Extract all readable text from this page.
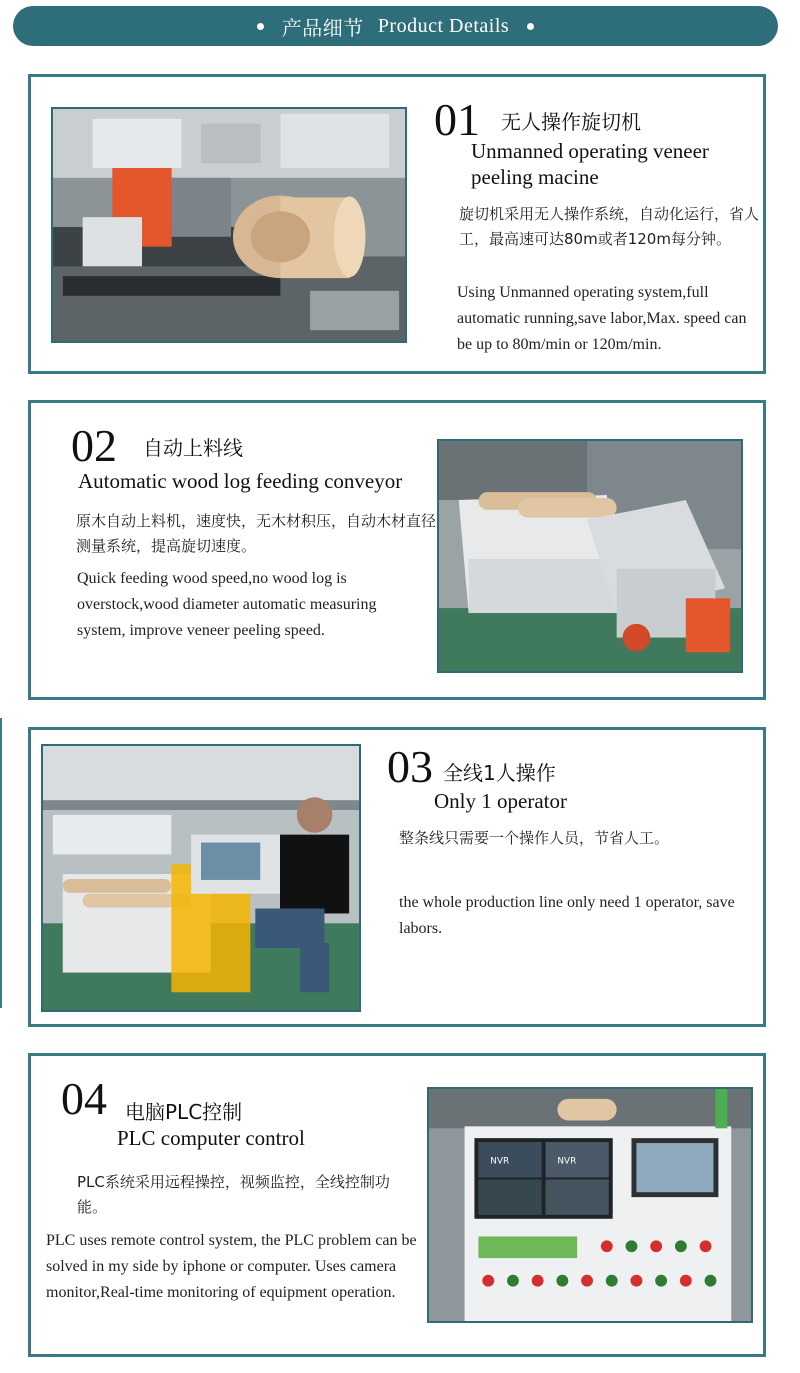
产品细节 Product Details
01 无人操作旋切机
Unmanned operating veneer peeling macine
旋切机采用无人操作系统，自动化运行，省人工，最高速可达80m或者120m每分钟。
Using Unmanned operating system,full automatic running,save labor,Max. speed can be up to 80m/min or 120m/min.
02 自动上料线
Automatic wood log feeding conveyor
原木自动上料机，速度快，无木材积压，自动木材直径测量系统，提高旋切速度。
Quick feeding wood speed,no wood log is overstock,wood diameter automatic measuring system, improve veneer peeling speed.
03 全线1人操作
Only 1 operator
整条线只需要一个操作人员，节省人工。
the whole production line only need 1 operator, save labors.
04 电脑PLC控制
PLC computer control
PLC系统采用远程操控，视频监控，全线控制功能。
PLC uses remote control system, the PLC problem can be solved in my side by iphone or computer. Uses camera monitor,Real-time monitoring of equipment operation.
NVR	NVR
